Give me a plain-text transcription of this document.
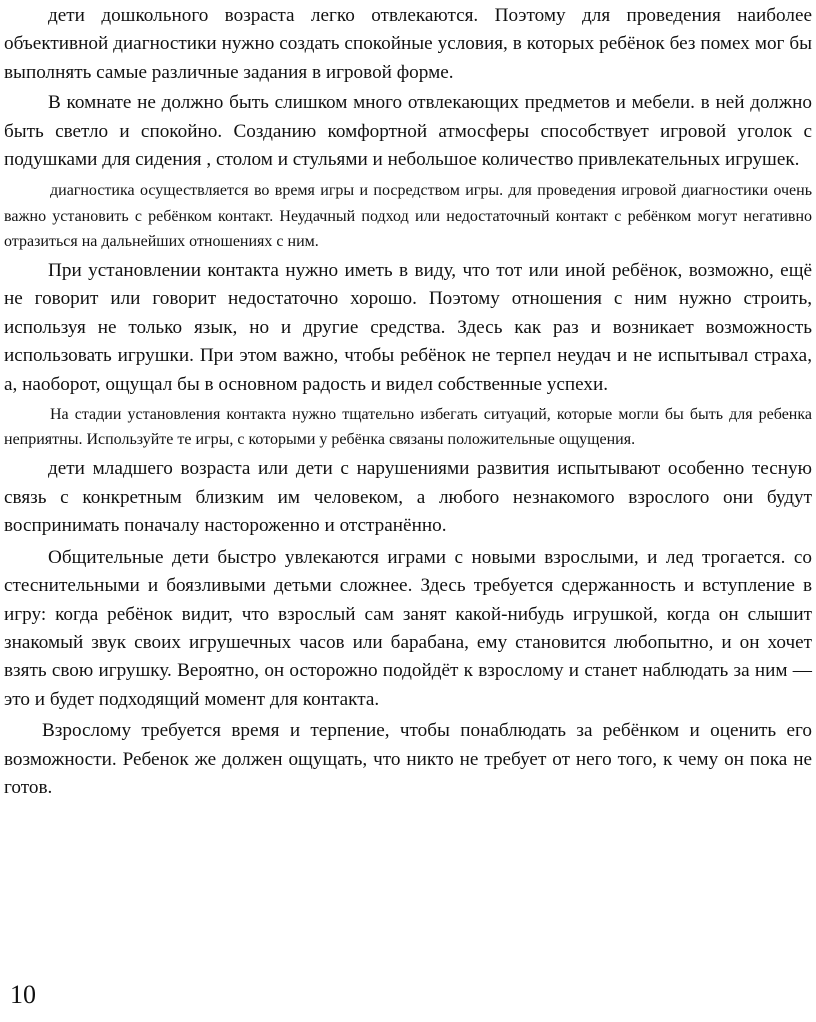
дети дошкольного возраста легко отвлекаются. Поэтому для проведения наиболее объективной диагностики нужно создать спокойные условия, в которых ребёнок без помех мог бы выполнять самые различные задания в игровой форме.

В комнате не должно быть слишком много отвлекающих предметов и мебели. в ней должно быть светло и спокойно. Созданию комфортной атмосферы способствует игровой уголок с подушками для сидения , столом и стульями и небольшое количество привлекательных игрушек.

диагностика осуществляется во время игры и посредством игры. для проведения игровой диагностики очень важно установить с ребёнком контакт. Неудачный подход или недостаточный контакт с ребёнком могут негативно отразиться на дальнейших отношениях с ним.

При установлении контакта нужно иметь в виду, что тот или иной ребёнок, возможно, ещё не говорит или говорит недостаточно хорошо. Поэтому отношения с ним нужно строить, используя не только язык, но и другие средства. Здесь как раз и возникает возможность использовать игрушки. При этом важно, чтобы ребёнок не терпел неудач и не испытывал страха, а, наоборот, ощущал бы в основном радость и видел собственные успехи.

На стадии установления контакта нужно тщательно избегать ситуаций, которые могли бы быть для ребенка неприятны. Используйте те игры, с которыми у ребёнка связаны положительные ощущения.

дети младшего возраста или дети с нарушениями развития испытывают особенно тесную связь с конкретным близким им человеком, а любого незнакомого взрослого они будут воспринимать поначалу настороженно и отстранённо.

Общительные дети быстро увлекаются играми с новыми взрослыми, и лед трогается. со стеснительными и боязливыми детьми сложнее. Здесь требуется сдержанность и вступление в игру: когда ребёнок видит, что взрослый сам занят какой-нибудь игрушкой, когда он слышит знакомый звук своих игрушечных часов или барабана, ему становится любопытно, и он хочет взять свою игрушку. Вероятно, он осторожно подойдёт к взрослому и станет наблюдать за ним — это и будет подходящий момент для контакта.

Взрослому требуется время и терпение, чтобы понаблюдать за ребёнком и оценить его возможности. Ребенок же должен ощущать, что никто не требует от него того, к чему он пока не готов.

10
